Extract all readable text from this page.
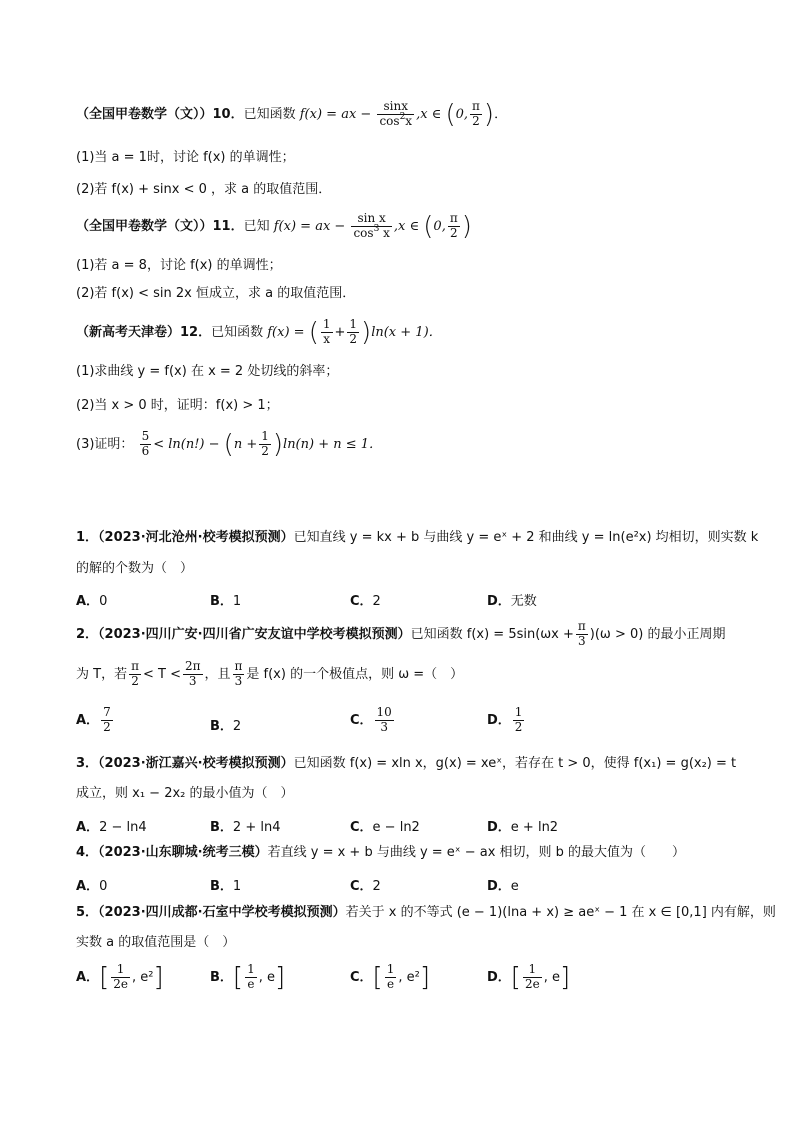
（全国甲卷数学（文））10．已知函数 f(x) = ax − $\frac{\sin x}{\cos^2x} ,x$ ∈ (0, $\frac{\pi}{2}$ )．
(1)当 a = 1时，讨论 f(x) 的单调性；
(2)若 f(x) + sinx < 0 ，求 a 的取值范围．
（全国甲卷数学（文））11．已知 f(x) = ax − $\frac{\text{sin x}}{\cos^3 x} ,x$ ∈ (0, $\frac{\pi}{2}$ )
(1)若 a = 8，讨论 f(x) 的单调性；
(2)若 f(x) < sin 2x 恒成立，求 a 的取值范围．
（新高考天津卷）12．已知函数 f(x) = ( $\frac{1}{x} + \frac{1}{2} )\ln(x + 1)$．
(1)求曲线 y = f(x) 在 x = 2 处切线的斜率；
(2)当 x > 0 时，证明：f(x) > 1；
(3)证明： $\frac{5}{6} < \ln(n!) - (n + \frac{1}{2} )\ln(n) + n \le 1$．
1．（2023·河北沧州·校考模拟预测）已知直线 y = kx + b 与曲线 y = eˣ + 2 和曲线 y = ln(e²x) 均相切，则实数 k
的解的个数为（　）
A．0	B．1	C．2	D．无数
2．（2023·四川广安·四川省广安友谊中学校考模拟预测）已知函数 $f(x) = 5\sin(\omega x + \frac{\pi}{3} )(\omega > 0)$ 的最小正周期
为 T，若 $\frac{\pi}{2} < T < \frac{2\pi}{3}$ ，且 $\frac{\pi}{3}$ 是 f(x) 的一个极值点，则 ω =（　）
A． $\frac{7}{2}$	B．2	C． $\frac{10}{3}$	D． $\frac{1}{2}$
3．（2023·浙江嘉兴·校考模拟预测）已知函数 f(x) = xln x，g(x) = xeˣ，若存在 t > 0，使得 f(x₁) = g(x₂) = t
成立，则 x₁ − 2x₂ 的最小值为（　）
A．2 − ln4	B．2 + ln4	C．e − ln2	D．e + ln2
4．（2023·山东聊城·统考三模）若直线 y = x + b 与曲线 y = eˣ − ax 相切，则 b 的最大值为（　　）
A．0	B．1	C．2	D．e
5．（2023·四川成都·石室中学校考模拟预测）若关于 x 的不等式 (e − 1)(lna + x) ≥ aeˣ − 1 在 x ∈ [0,1] 内有解，则
实数 a 的取值范围是（　）
A．[ $\frac{1}{2e}$ , e²]	B．[ $\frac{1}{e}$ , e]	C．[ $\frac{1}{e}$ , e²]	D．[ $\frac{1}{2e}$ , e]
